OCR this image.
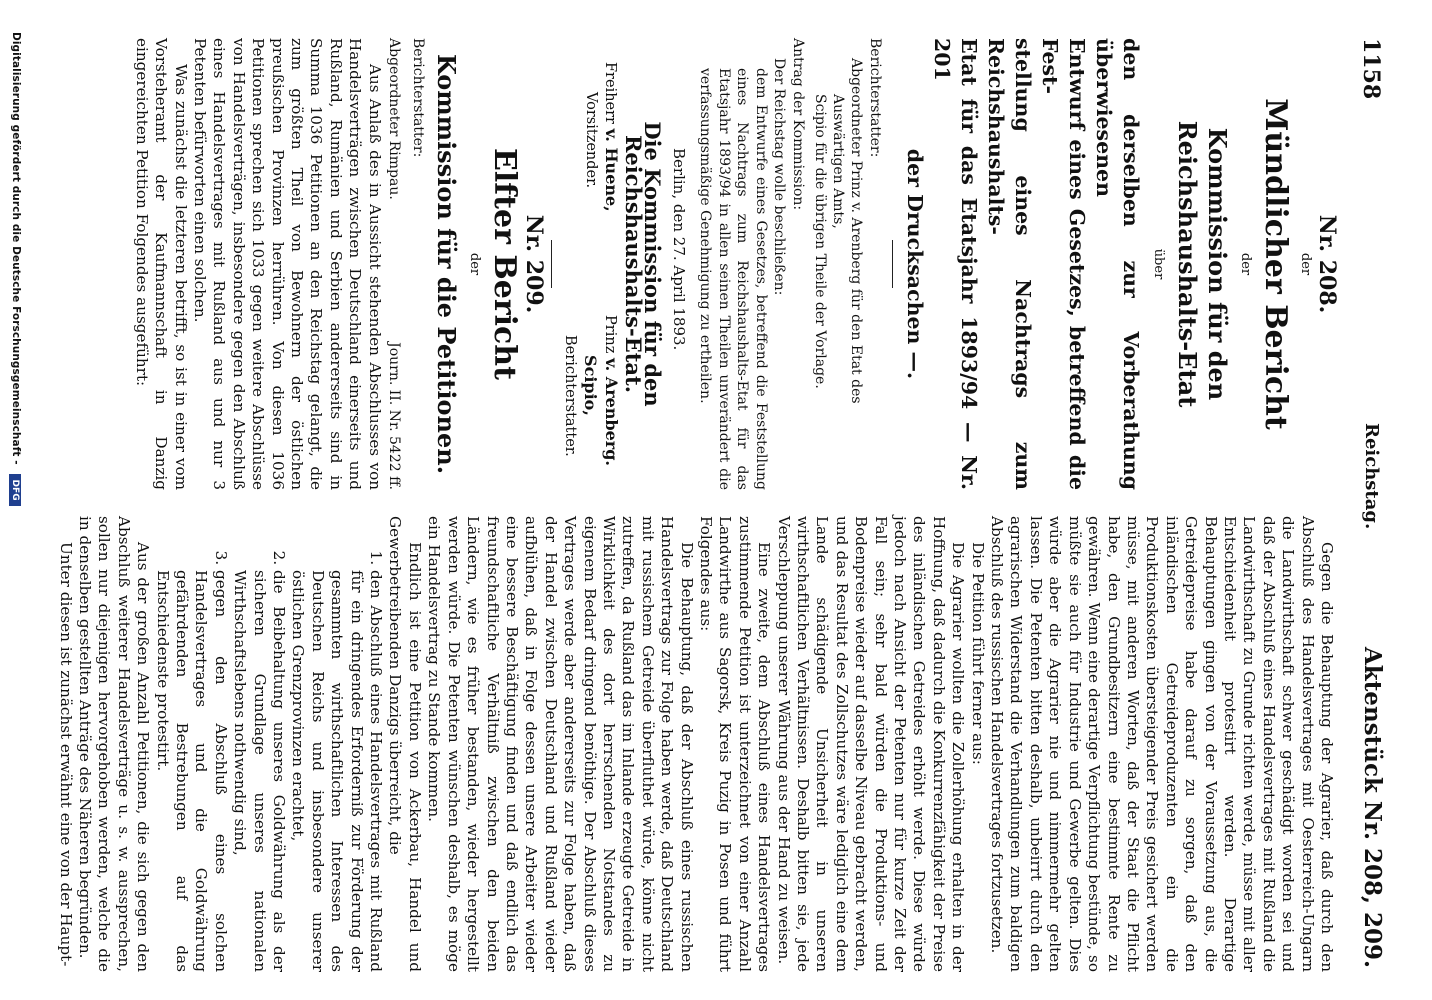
1158
Reichstag.
Aktenstück Nr. 208, 209.
Nr. 208.
der
Mündlicher Bericht
der
Kommission für den Reichshaushalts-Etat
über
den derselben zur Vorberathung überwiesenen
Entwurf eines Gesetzes, betreffend die Fest-
stellung eines Nachtrags zum Reichshaushalts-
Etat für das Etatsjahr 1893/94 — Nr. 201
der Drucksachen —.
Berichterstatter:
Abgeordneter Prinz v. Arenberg für den Etat des
Auswärtigen Amts,
Scipio für die übrigen Theile der Vorlage.
Antrag der Kommission:
Der Reichstag wolle beschließen:
dem Entwurfe eines Gesetzes, betreffend die Feststellung eines Nachtrags zum Reichshaushalts-Etat für das Etatsjahr 1893/94 in allen seinen Theilen unverändert die verfassungsmäßige Genehmigung zu ertheilen.
Berlin, den 27. April 1893.
Die Kommission für den Reichshaushalts-Etat.
Freiherr v. Huene,
Vorsitzender.
Prinz v. Arenberg.
Scipio,
Berichterstatter.
Nr. 209.
Elfter Bericht
der
Kommission für die Petitionen.
Berichterstatter:
Abgeordneter Rimpau.
Journ. II. Nr. 5422 ff.

Aus Anlaß des in Aussicht stehenden Abschlusses von Handelsverträgen zwischen Deutschland einerseits und Rußland, Rumänien und Serbien andererseits sind in Summa 1036 Petitionen an den Reichstag gelangt, die zum größten Theil von Bewohnern der östlichen preußischen Provinzen herrühren. Von diesen 1036 Petitionen sprechen sich 1033 gegen weitere Abschlüsse von Handelsverträgen, insbesondere gegen den Abschluß eines Handelsvertrages mit Rußland aus und nur 3 Petenten befürworten einen solchen.

Was zunächst die letzteren betrifft, so ist in einer vom Vorsteheramt der Kaufmannschaft in Danzig eingereichten Petition Folgendes ausgeführt:

Gegen die Behauptung der Agrarier, daß durch den Abschluß des Handelsvertrages mit Oesterreich-Ungarn die Landwirthschaft schwer geschädigt worden sei und daß der Abschluß eines Handelsvertrages mit Rußland die Landwirthschaft zu Grunde richten werde, müsse mit aller Entschiedenheit protestirt werden. Derartige Behauptungen gingen von der Voraussetzung aus, die Getreidepreise habe darauf zu sorgen, daß den inländischen Getreideproduzenten ein die Produktionskosten übersteigender Preis gesichert werden müsse, mit anderen Worten, daß der Staat die Pflicht habe, den Grundbesitzern eine bestimmte Rente zu gewähren. Wenn eine derartige Verpflichtung bestünde, so müßte sie auch für Industrie und Gewerbe gelten. Dies würde aber die Agrarier nie und nimmermehr gelten lassen. Die Petenten bitten deshalb, unbeirrt durch den agrarischen Widerstand die Verhandlungen zum baldigen Abschluß des russischen Handelsvertrages fortzusetzen.

Die Petition führt ferner aus:

Die Agrarier wollten die Zollerhöhung erhalten in der Hoffnung, daß dadurch die Konkurrenzfähigkeit der Preise des inländischen Getreides erhöht werde. Diese würde jedoch nach Ansicht der Petenten nur für kurze Zeit der Fall sein; sehr bald würden die Produktions- und Bodenpreise wieder auf dasselbe Niveau gebracht werden, und das Resultat des Zollschutzes wäre lediglich eine dem Lande schädigende Unsicherheit in unseren wirthschaftlichen Verhältnissen. Deshalb bitten sie, jede Verschleppung unserer Währung aus der Hand zu weisen.

Eine zweite, dem Abschluß eines Handelsvertrages zustimmende Petition ist unterzeichnet von einer Anzahl Landwirthe aus Sagorsk, Kreis Puzig in Posen und führt Folgendes aus:

Die Behauptung, daß der Abschluß eines russischen Handelsvertrags zur Folge haben werde, daß Deutschland mit russischem Getreide überfluthet würde, könne nicht zutreffen, da Rußland das im Inlande erzeugte Getreide in Wirklichkeit des dort herrschenden Notstandes zu eigenem Bedarf dringend benöthige. Der Abschluß dieses Vertrages werde aber andererseits zur Folge haben, daß der Handel zwischen Deutschland und Rußland wieder aufblühen, daß in Folge dessen unsere Arbeiter wieder eine bessere Beschäftigung finden und daß endlich das freundschaftliche Verhältniß zwischen den beiden Ländern, wie es früher bestanden, wieder hergestellt werden würde. Die Petenten wünschen deshalb, es möge ein Handelsvertrag zu Stande kommen.

Endlich ist eine Petition von Ackerbau, Handel und Gewerbetreibenden Danzigs überreicht, die

1. den Abschluß eines Handelsvertrages mit Rußland für ein dringendes Erforderniß zur Förderung der gesammten wirthschaftlichen Interessen des Deutschen Reichs und insbesondere unserer östlichen Grenzprovinzen erachtet,
2. die Beibehaltung unseres Goldwährung als der sicheren Grundlage unseres nationalen Wirthschaftslebens nothwendig sind,
3. gegen den Abschluß eines solchen Handelsvertrages und die Goldwährung gefährdenden Bestrebungen auf das Entschiedenste protestirt.

Aus der großen Anzahl Petitionen, die sich gegen den Abschluß weiterer Handelsverträge u. s. w. aussprechen, sollen nur diejenigen hervorgehoben werden, welche die in denselben gestellten Anträge des Näheren begründen.

Unter diesen ist zunächst erwähnt eine von der Haupt-

Digitalisierung gefördert durch die Deutsche Forschungsgemeinschaft - DFG
